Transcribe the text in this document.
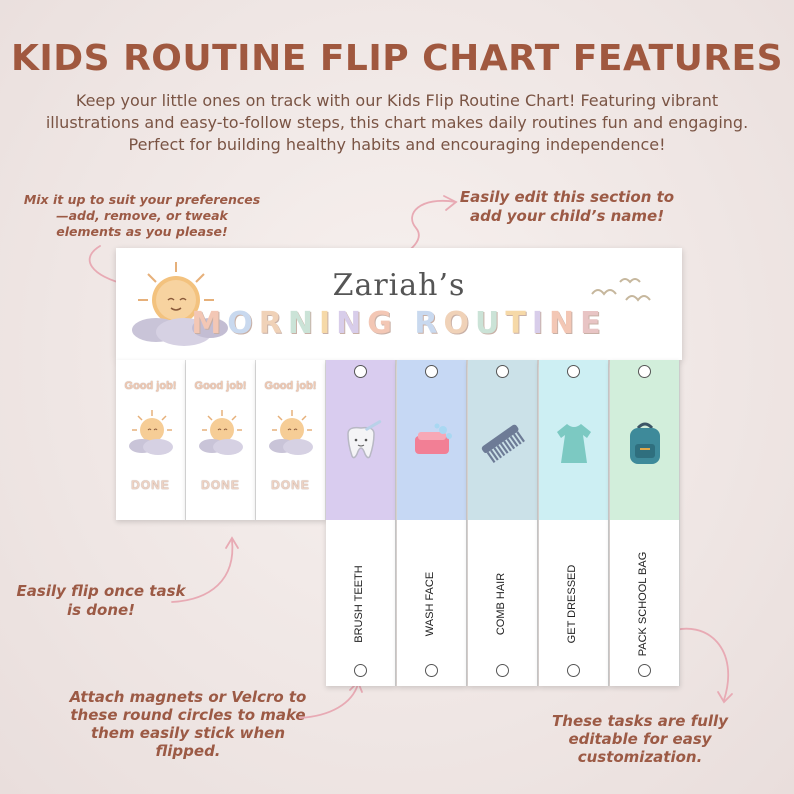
KIDS ROUTINE FLIP CHART FEATURES
Keep your little ones on track with our Kids Flip Routine Chart! Featuring vibrant illustrations and easy-to-follow steps, this chart makes daily routines fun and engaging. Perfect for building healthy habits and encouraging independence!
Mix it up to suit your preferences—add, remove, or tweak elements as you please!
Easily edit this section to add your child’s name!
Easily flip once task is done!
Attach magnets or Velcro to these round circles to make them easily stick when flipped.
These tasks are fully editable for easy customization.
Zariah’s
MORNING ROUTINE
Good job!
DONE
Good job!
DONE
Good job!
DONE
BRUSH TEETH	WASH FACE	COMB HAIR	GET DRESSED	PACK SCHOOL BAG
